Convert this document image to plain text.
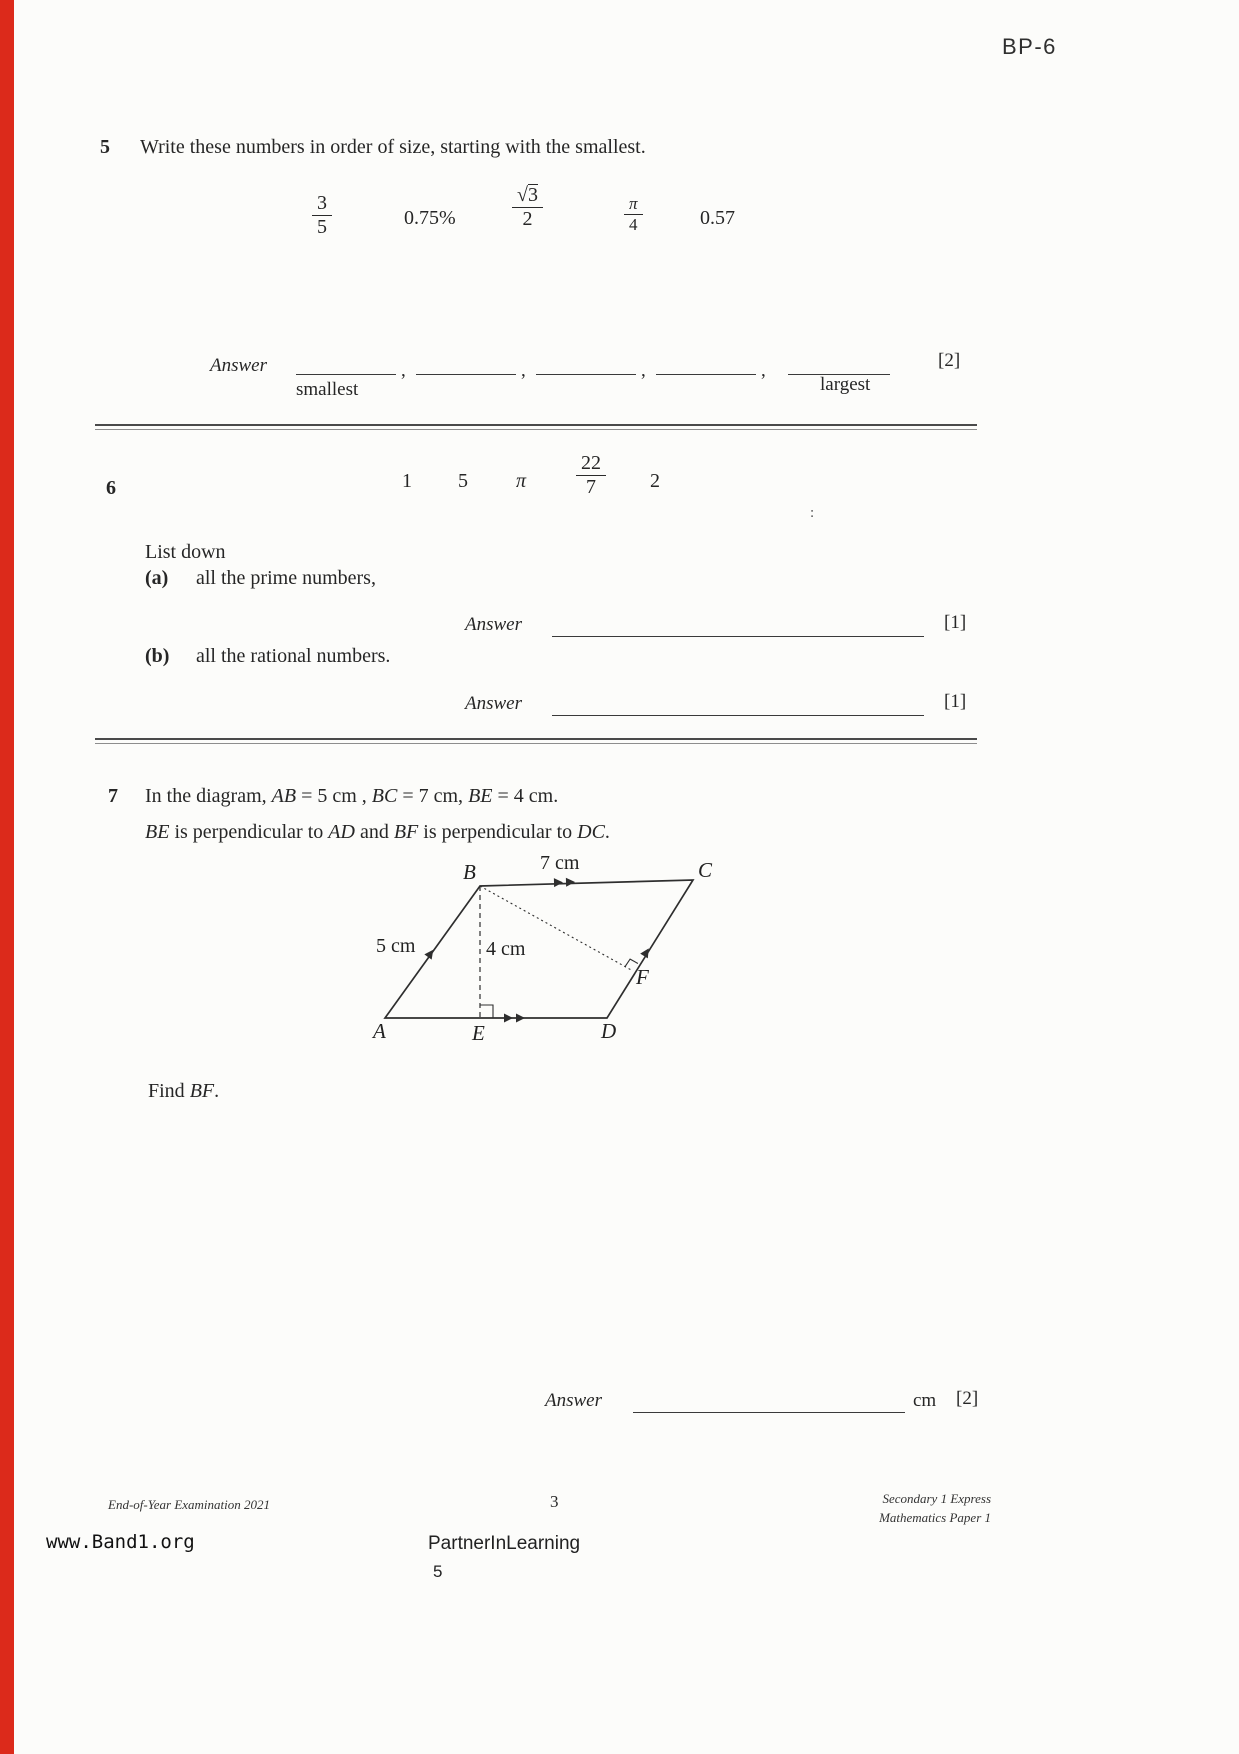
BP-6
5 Write these numbers in order of size, starting with the smallest.
$\frac{3}{5}$	0.75%	$\frac{√3}{2}$	$\frac{\pi}{4}$	0.57
Answer	,	,	,	,
smallest	largest
[2]
6	1 5 π $\frac{22}{7} 2$
:
List down
(a) all the prime numbers,
Answer	[1]
(b) all the rational numbers.
Answer	[1]
7 In the diagram, AB = 5 cm , BC = 7 cm, BE = 4 cm.
BE is perpendicular to AD and BF is perpendicular to DC.
B	C
A	E	D
F
7 cm
5 cm	4 cm
Find BF.
Answer	cm [2]
End-of-Year Examination 2021	3	Secondary 1 Express
Mathematics Paper 1
www.Band1.org	PartnerInLearning
5
